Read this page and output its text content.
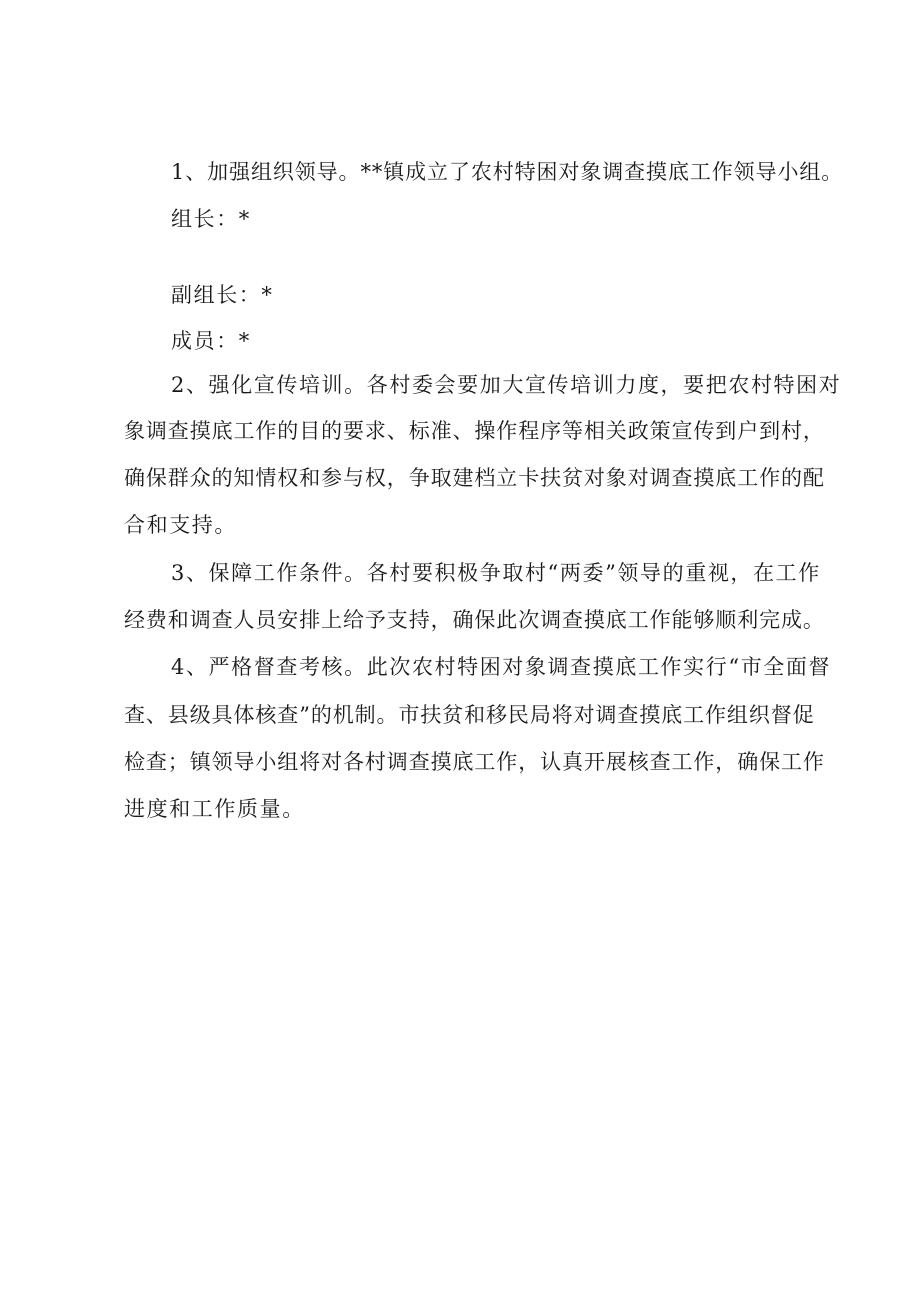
1、加强组织领导。**镇成立了农村特困对象调查摸底工作领导小组。
组长：*
副组长：*
成员：*
2、强化宣传培训。各村委会要加大宣传培训力度，要把农村特困对
象调查摸底工作的目的要求、标准、操作程序等相关政策宣传到户到村，
确保群众的知情权和参与权，争取建档立卡扶贫对象对调查摸底工作的配
合和支持。
3、保障工作条件。各村要积极争取村“两委”领导的重视，在工作
经费和调查人员安排上给予支持，确保此次调查摸底工作能够顺利完成。
4、严格督查考核。此次农村特困对象调查摸底工作实行“市全面督
查、县级具体核查”的机制。市扶贫和移民局将对调查摸底工作组织督促
检查；镇领导小组将对各村调查摸底工作，认真开展核查工作，确保工作
进度和工作质量。
